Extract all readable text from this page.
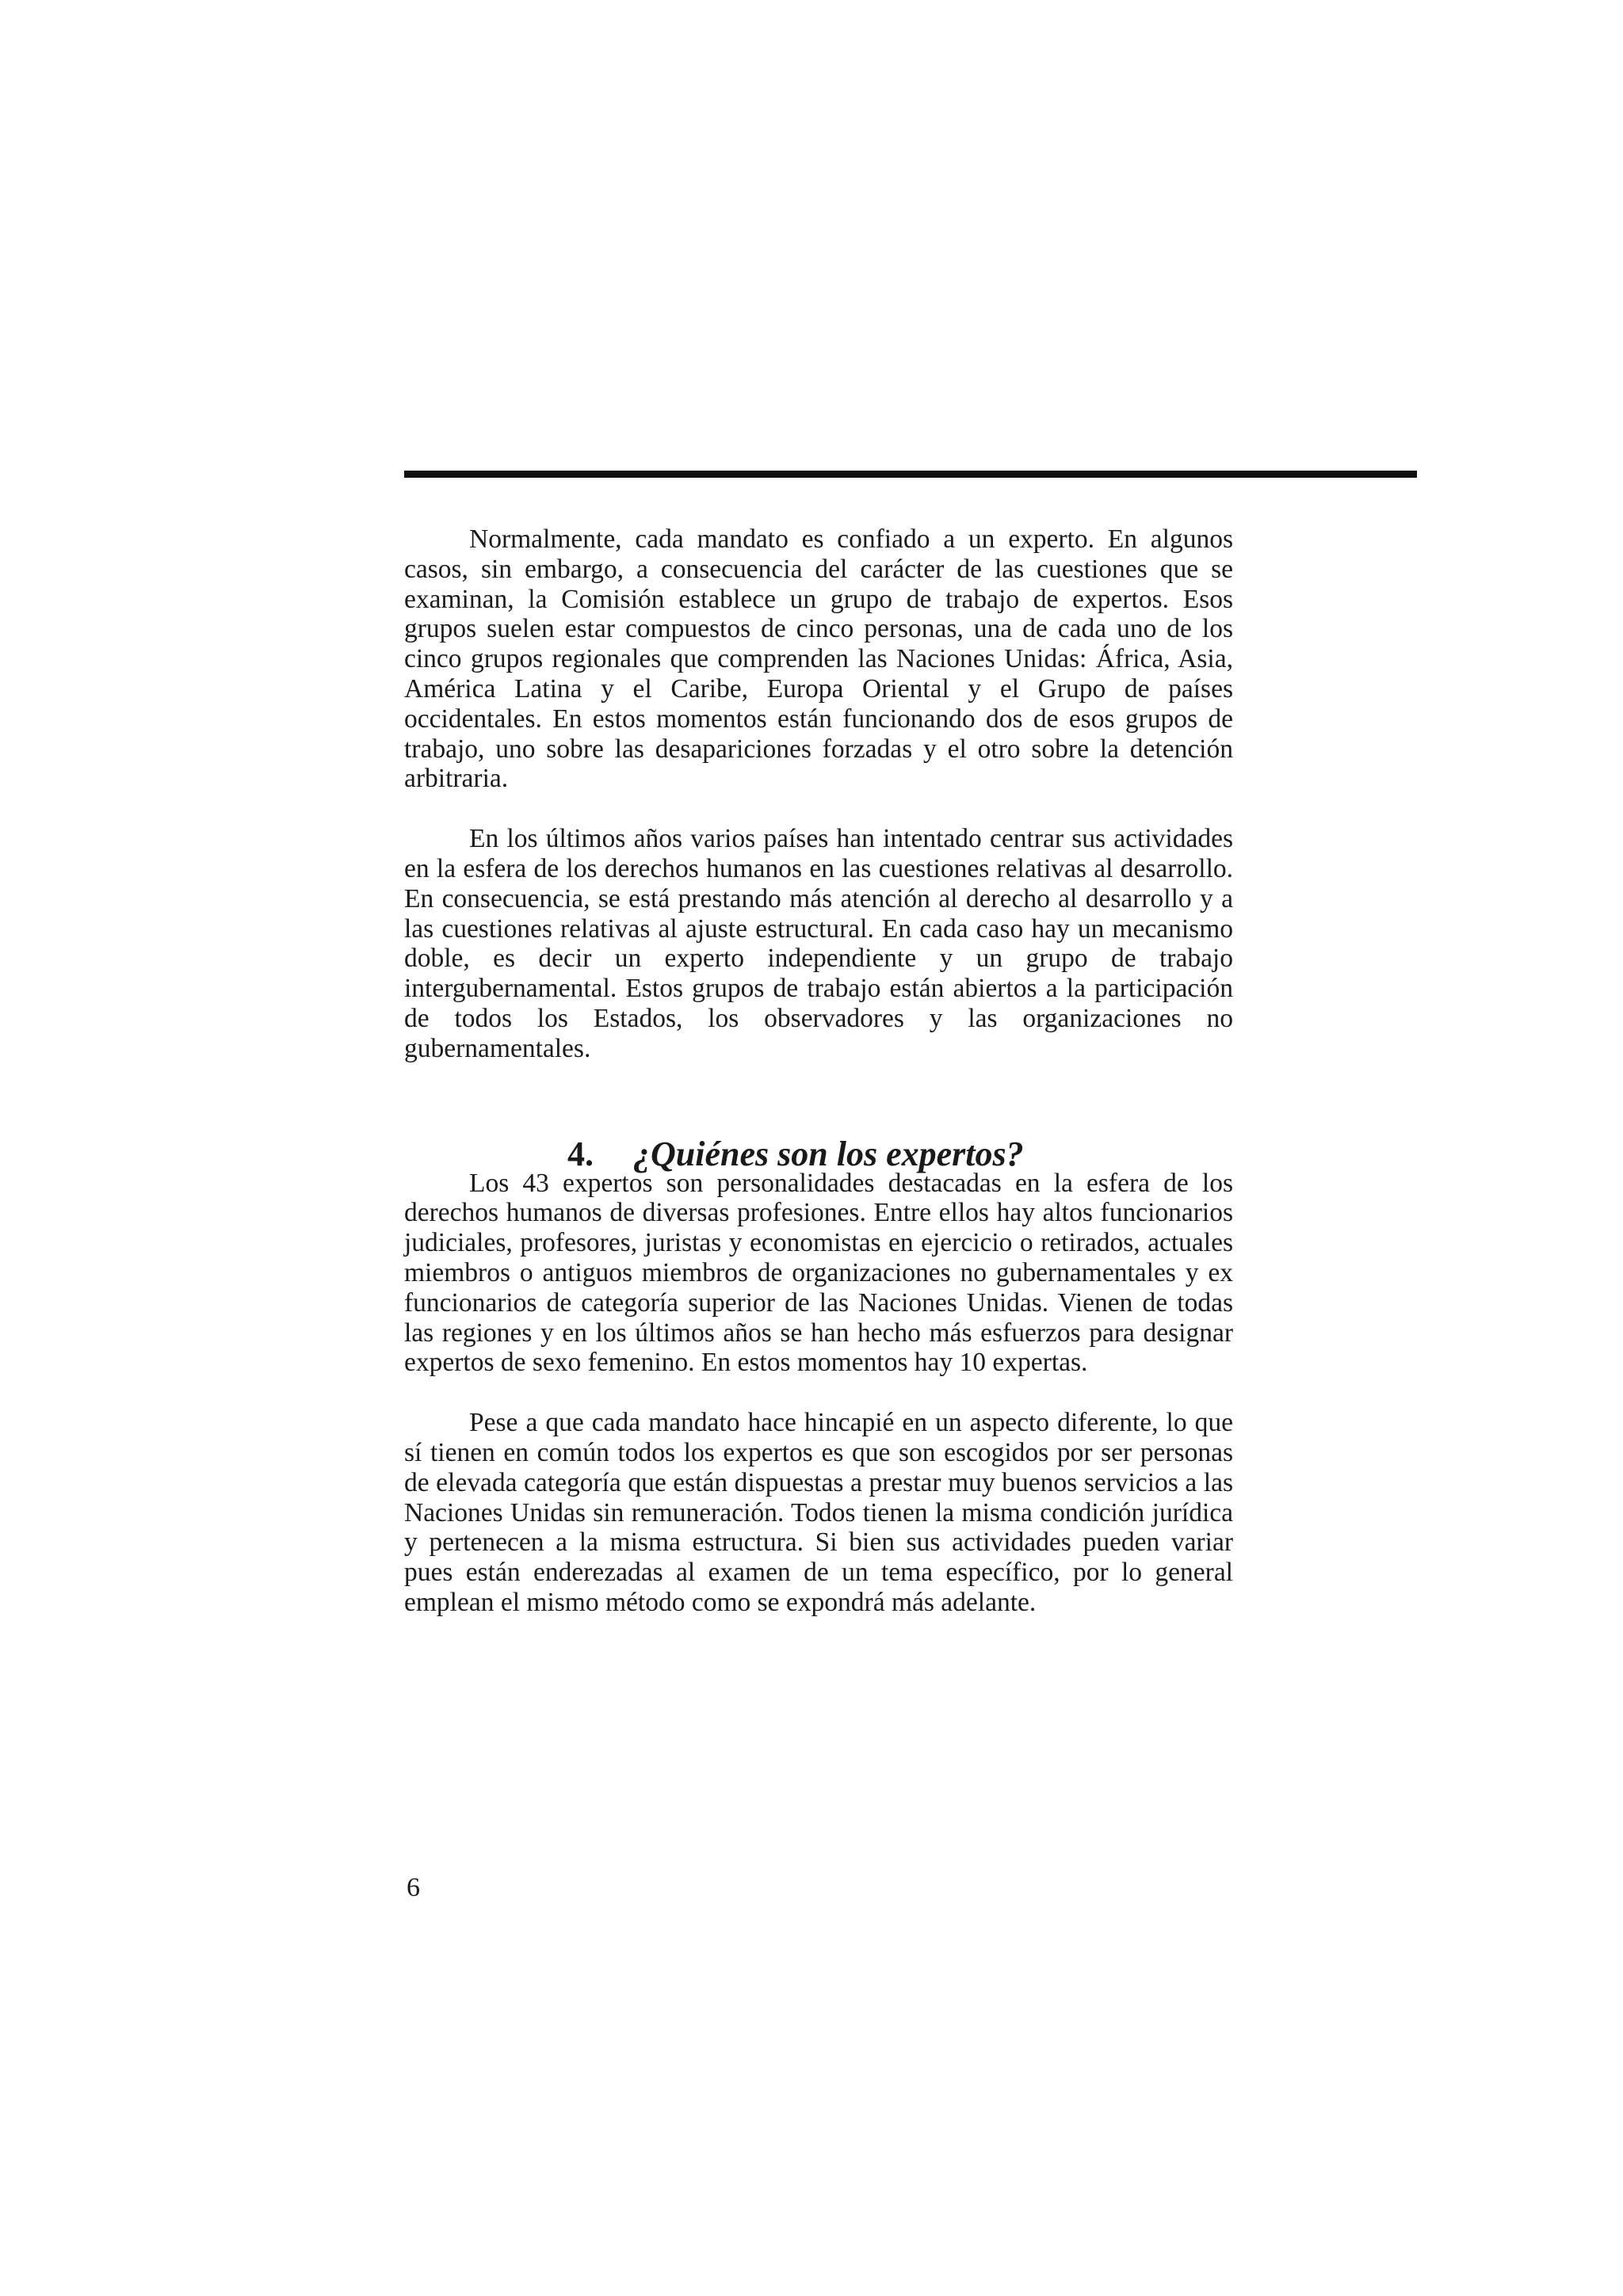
Normalmente, cada mandato es confiado a un experto. En algunos casos, sin embargo, a consecuencia del carácter de las cuestiones que se examinan, la Comisión establece un grupo de trabajo de expertos. Esos grupos suelen estar compuestos de cinco personas, una de cada uno de los cinco grupos regionales que comprenden las Naciones Unidas: África, Asia, América Latina y el Caribe, Europa Oriental y el Grupo de países occidentales. En estos momentos están funcionando dos de esos grupos de trabajo, uno sobre las desapariciones forzadas y el otro sobre la detención arbitraria.

En los últimos años varios países han intentado centrar sus actividades en la esfera de los derechos humanos en las cuestiones relativas al desarrollo. En consecuencia, se está prestando más atención al derecho al desarrollo y a las cuestiones relativas al ajuste estructural. En cada caso hay un mecanismo doble, es decir un experto independiente y un grupo de trabajo intergubernamental. Estos grupos de trabajo están abiertos a la participación de todos los Estados, los observadores y las organizaciones no gubernamentales.

4. ¿Quiénes son los expertos?

Los 43 expertos son personalidades destacadas en la esfera de los derechos humanos de diversas profesiones. Entre ellos hay altos funcionarios judiciales, profesores, juristas y economistas en ejercicio o retirados, actuales miembros o antiguos miembros de organizaciones no gubernamentales y ex funcionarios de categoría superior de las Naciones Unidas. Vienen de todas las regiones y en los últimos años se han hecho más esfuerzos para designar expertos de sexo femenino. En estos momentos hay 10 expertas.

Pese a que cada mandato hace hincapié en un aspecto diferente, lo que sí tienen en común todos los expertos es que son escogidos por ser personas de elevada categoría que están dispuestas a prestar muy buenos servicios a las Naciones Unidas sin remuneración. Todos tienen la misma condición jurídica y pertenecen a la misma estructura. Si bien sus actividades pueden variar pues están enderezadas al examen de un tema específico, por lo general emplean el mismo método como se expondrá más adelante.

6
